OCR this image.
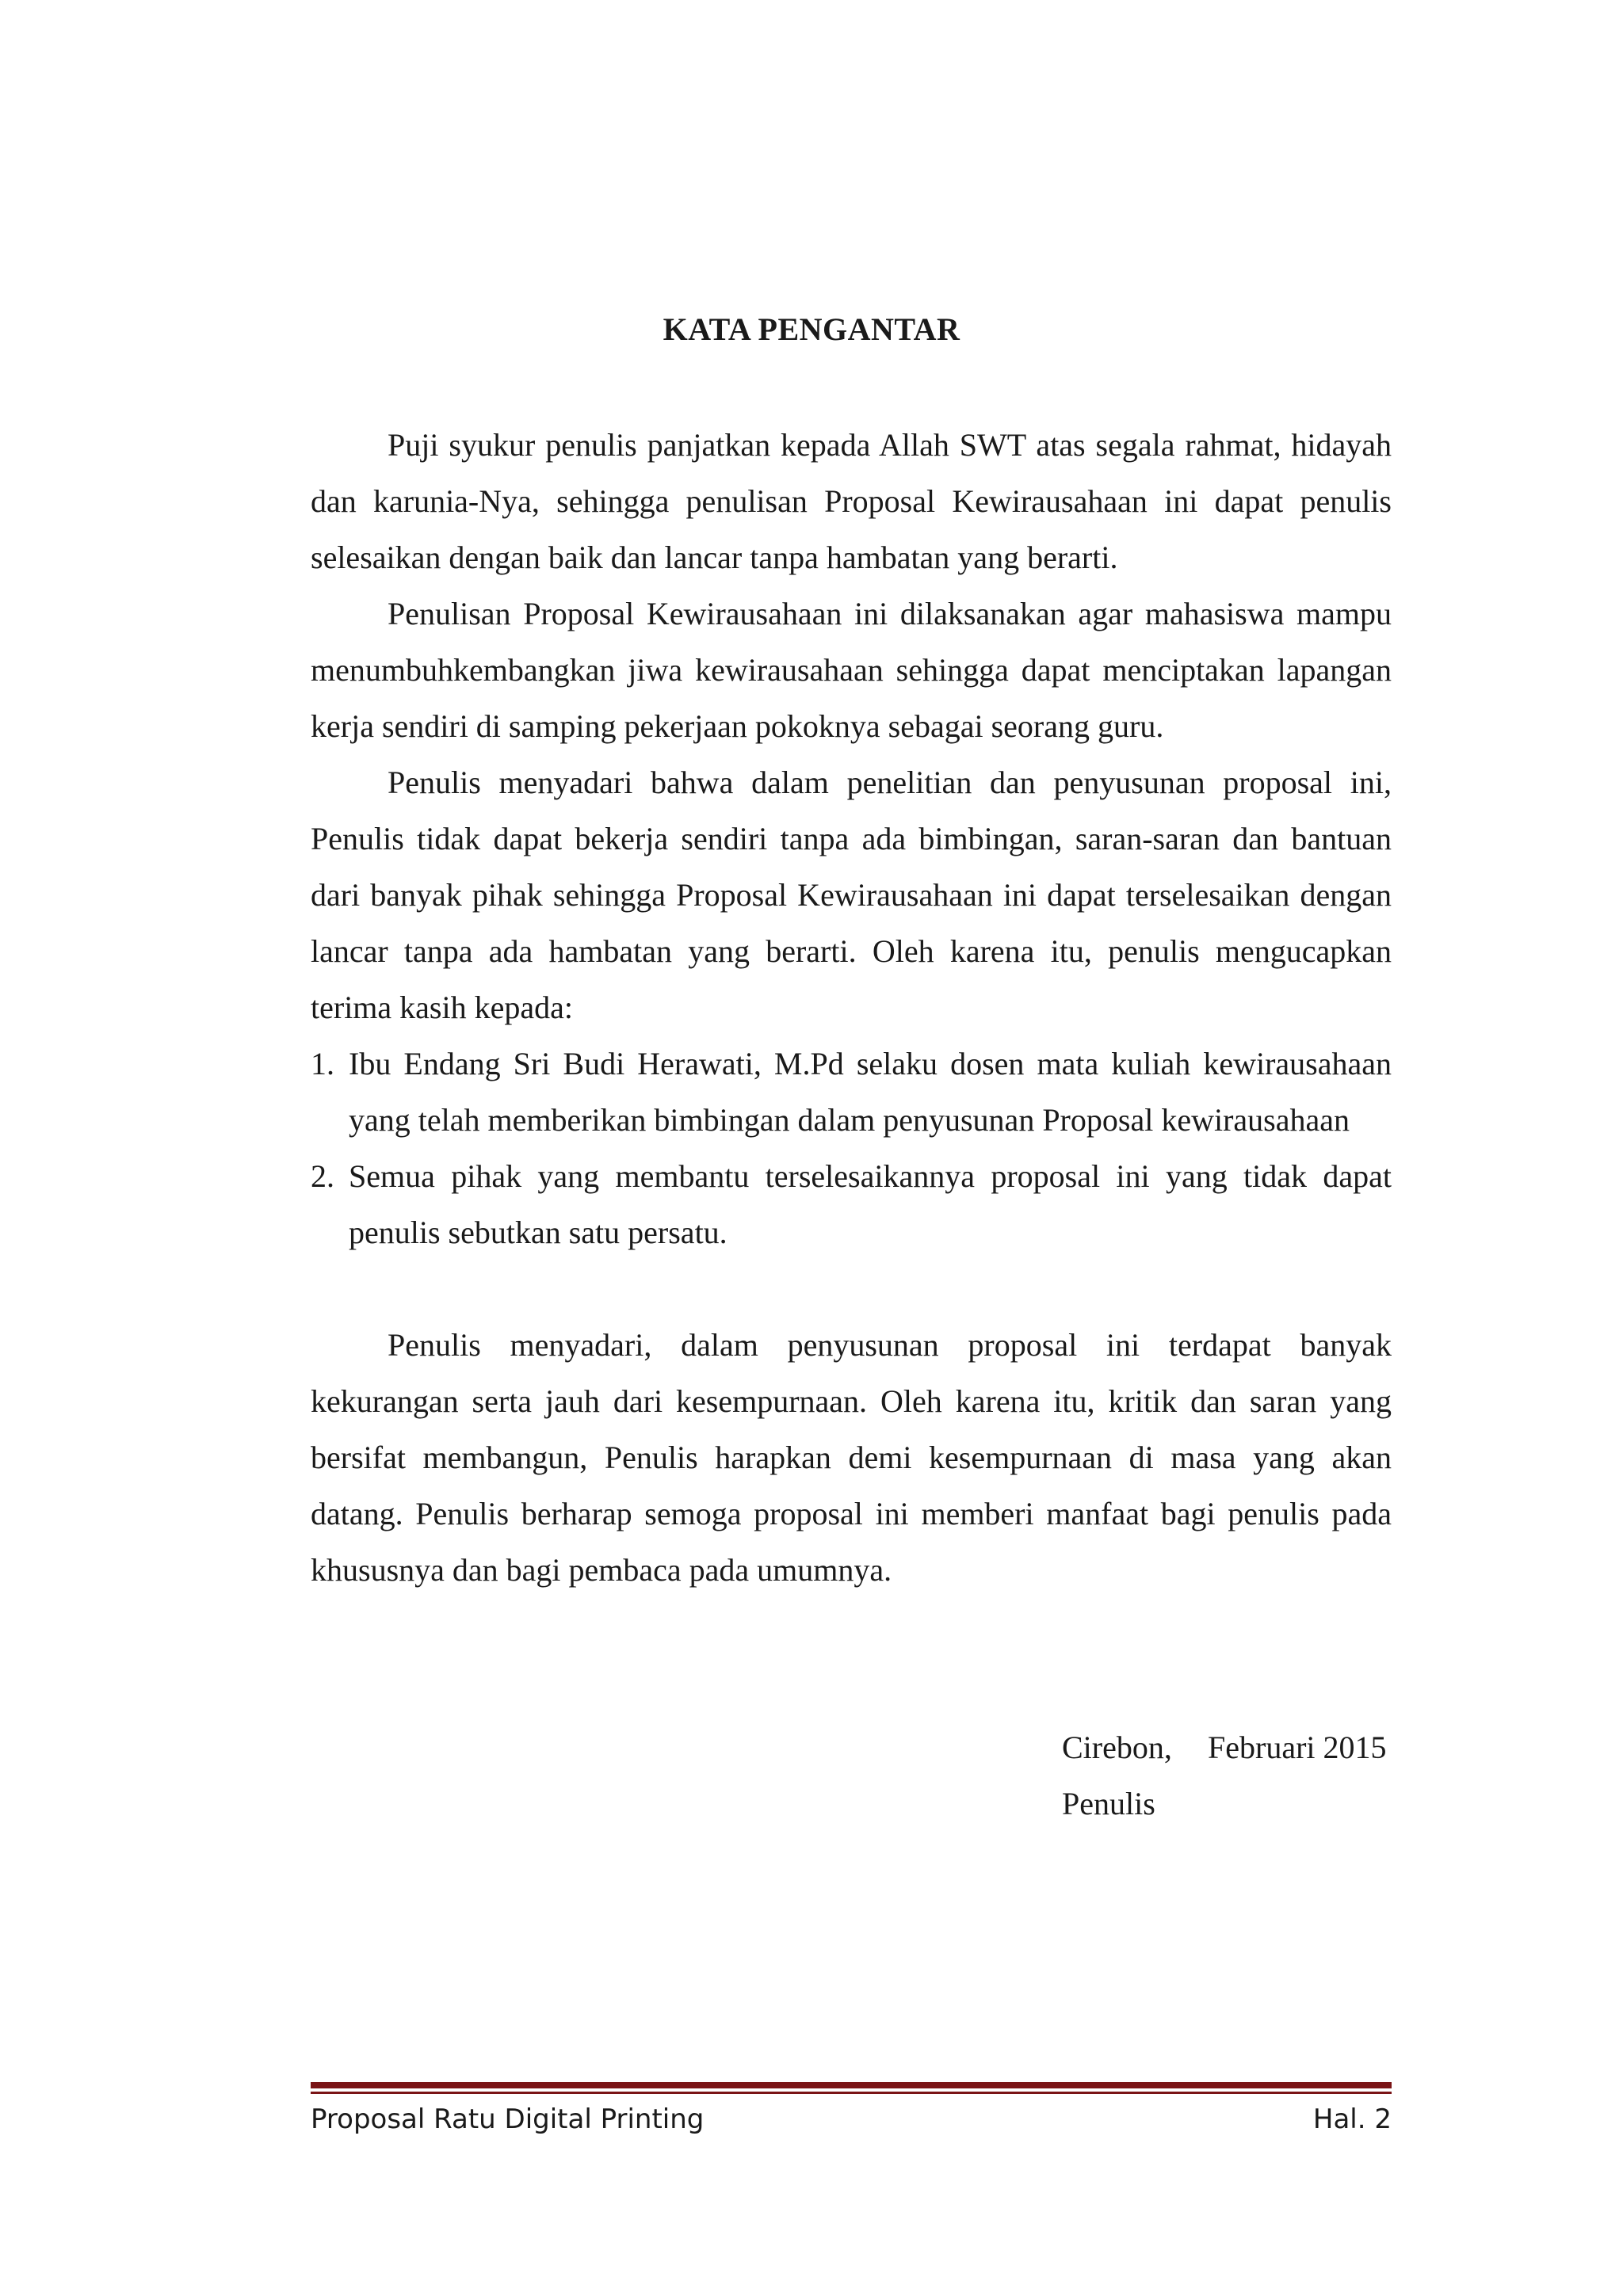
KATA PENGANTAR

Puji syukur penulis panjatkan kepada Allah SWT atas segala rahmat, hidayah dan karunia-Nya, sehingga penulisan Proposal Kewirausahaan ini dapat penulis selesaikan dengan baik dan lancar tanpa hambatan yang berarti.

Penulisan Proposal Kewirausahaan ini dilaksanakan agar mahasiswa mampu menumbuhkembangkan jiwa kewirausahaan sehingga dapat menciptakan lapangan kerja sendiri di samping pekerjaan pokoknya sebagai seorang guru.

Penulis menyadari bahwa dalam penelitian dan penyusunan proposal ini, Penulis tidak dapat bekerja sendiri tanpa ada bimbingan, saran-saran dan bantuan dari banyak pihak sehingga Proposal Kewirausahaan ini dapat terselesaikan dengan lancar tanpa ada hambatan yang berarti. Oleh karena itu, penulis mengucapkan terima kasih kepada:

1. Ibu Endang Sri Budi Herawati, M.Pd selaku dosen mata kuliah kewirausahaan yang telah memberikan bimbingan dalam penyusunan Proposal kewirausahaan
2. Semua pihak yang membantu terselesaikannya proposal ini yang tidak dapat penulis sebutkan satu persatu.

Penulis menyadari, dalam penyusunan proposal ini terdapat banyak kekurangan serta jauh dari kesempurnaan. Oleh karena itu, kritik dan saran yang bersifat membangun, Penulis harapkan demi kesempurnaan di masa yang akan datang. Penulis berharap semoga proposal ini memberi manfaat bagi penulis pada khususnya dan bagi pembaca pada umumnya.

Cirebon, Februari 2015
Penulis
Proposal Ratu Digital Printing	Hal. 2
